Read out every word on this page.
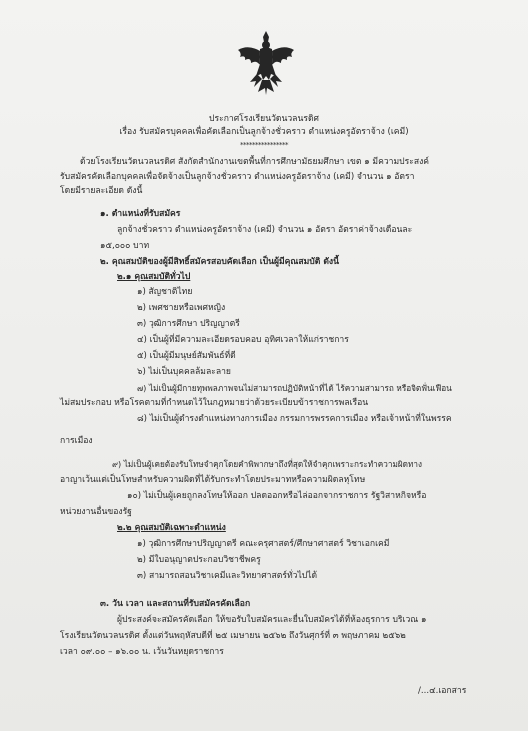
ประกาศโรงเรียนวัดนวลนรดิศ
เรื่อง รับสมัครบุคคลเพื่อคัดเลือกเป็นลูกจ้างชั่วคราว ตำแหน่งครูอัตราจ้าง (เคมี)
****************
ด้วยโรงเรียนวัดนวลนรดิศ สังกัดสำนักงานเขตพื้นที่การศึกษามัธยมศึกษา เขต ๑ มีความประสงค์
รับสมัครคัดเลือกบุคคลเพื่อจัดจ้างเป็นลูกจ้างชั่วคราว ตำแหน่งครูอัตราจ้าง (เคมี) จำนวน ๑ อัตรา
โดยมีรายละเอียด ดังนี้
๑. ตำแหน่งที่รับสมัคร
ลูกจ้างชั่วคราว ตำแหน่งครูอัตราจ้าง (เคมี) จำนวน ๑ อัตรา อัตราค่าจ้างเดือนละ
๑๕,๐๐๐ บาท
๒. คุณสมบัติของผู้มีสิทธิ์สมัครสอบคัดเลือก เป็นผู้มีคุณสมบัติ ดังนี้
๒.๑ คุณสมบัติทั่วไป
๑) สัญชาติไทย
๒) เพศชายหรือเพศหญิง
๓) วุฒิการศึกษา ปริญญาตรี
๔) เป็นผู้ที่มีความละเอียดรอบคอบ อุทิศเวลาให้แก่ราชการ
๕) เป็นผู้มีมนุษย์สัมพันธ์ที่ดี
๖) ไม่เป็นบุคคลล้มละลาย
๗) ไม่เป็นผู้มีกายทุพพลภาพจนไม่สามารถปฏิบัติหน้าที่ได้ ไร้ความสามารถ หรือจิตฟั่นเฟือน
ไม่สมประกอบ หรือโรคตามที่กำหนดไว้ในกฎหมายว่าด้วยระเบียบข้าราชการพลเรือน
๘) ไม่เป็นผู้ดำรงตำแหน่งทางการเมือง กรรมการพรรคการเมือง หรือเจ้าหน้าที่ในพรรค
การเมือง
๙) ไม่เป็นผู้เคยต้องรับโทษจำคุกโดยคำพิพากษาถึงที่สุดให้จำคุกเพราะกระทำความผิดทาง
อาญาเว้นแต่เป็นโทษสำหรับความผิดที่ได้รับกระทำโดยประมาทหรือความผิดลหุโทษ
๑๐) ไม่เป็นผู้เคยถูกลงโทษให้ออก ปลดออกหรือไล่ออกจากราชการ รัฐวิสาหกิจหรือ
หน่วยงานอื่นของรัฐ
๒.๒ คุณสมบัติเฉพาะตำแหน่ง
๑) วุฒิการศึกษาปริญญาตรี คณะครุศาสตร์/ศึกษาศาสตร์ วิชาเอกเคมี
๒) มีใบอนุญาตประกอบวิชาชีพครู
๓) สามารถสอนวิชาเคมีและวิทยาศาสตร์ทั่วไปได้
๓. วัน เวลา และสถานที่รับสมัครคัดเลือก
ผู้ประสงค์จะสมัครคัดเลือก ให้ขอรับใบสมัครและยื่นใบสมัครได้ที่ห้องธุรการ บริเวณ ๑
โรงเรียนวัดนวลนรดิศ ตั้งแต่วันพฤหัสบดีที่ ๒๕ เมษายน ๒๕๖๒ ถึงวันศุกร์ที่ ๓ พฤษภาคม ๒๕๖๒
เวลา ๐๙.๐๐ – ๑๖.๐๐ น. เว้นวันหยุดราชการ
/...๔.เอกสาร
